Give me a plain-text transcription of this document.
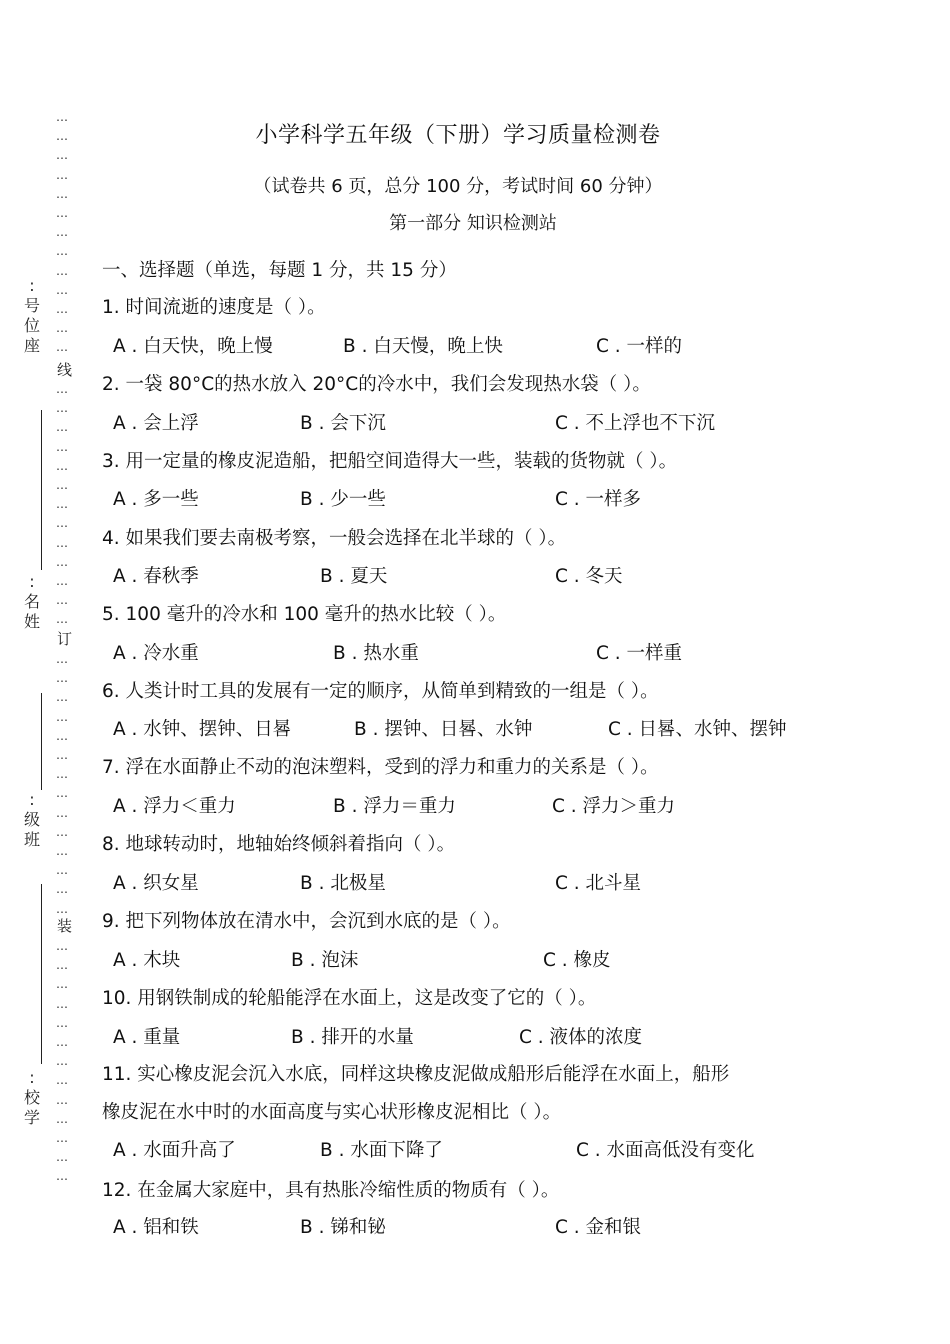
…
…
…
…
…
…
…
…
…
…
…
…
…
线
…
…
…
…
…
…
…
…
…
…
…
…
…
订
…
…
…
…
…
…
…
…
…
…
…
…
…
…
装
…
…
…
…
…
…
…
…
…
…
…
…
…
:
号
位
座
:
名
姓
:
级
班
:
校
学
小学科学五年级（下册）学习质量检测卷
（试卷共 6 页，总分 100 分，考试时间 60 分钟）
第一部分 知识检测站
一、选择题（单选，每题 1 分，共 15 分）
1. 时间流逝的速度是（ ）。
A . 白天快，晚上慢	B . 白天慢，晚上快	C . 一样的
2. 一袋 80°C的热水放入 20°C的冷水中，我们会发现热水袋（ ）。
A . 会上浮	B . 会下沉	C . 不上浮也不下沉
3. 用一定量的橡皮泥造船，把船空间造得大一些，装载的货物就（ ）。
A . 多一些	B . 少一些	C . 一样多
4. 如果我们要去南极考察，一般会选择在北半球的（ ）。
A . 春秋季	B . 夏天	C . 冬天
5. 100 毫升的冷水和 100 毫升的热水比较（ ）。
A . 冷水重	B . 热水重	C . 一样重
6. 人类计时工具的发展有一定的顺序，从简单到精致的一组是（ ）。
A . 水钟、摆钟、日晷	B . 摆钟、日晷、水钟	C . 日晷、水钟、摆钟
7. 浮在水面静止不动的泡沫塑料，受到的浮力和重力的关系是（ ）。
A . 浮力＜重力	B . 浮力＝重力	C . 浮力＞重力
8. 地球转动时，地轴始终倾斜着指向（ ）。
A . 织女星	B . 北极星	C . 北斗星
9. 把下列物体放在清水中，会沉到水底的是（ ）。
A . 木块	B . 泡沫	C . 橡皮
10. 用钢铁制成的轮船能浮在水面上，这是改变了它的（ ）。
A . 重量	B . 排开的水量	C . 液体的浓度
11. 实心橡皮泥会沉入水底，同样这块橡皮泥做成船形后能浮在水面上，船形
橡皮泥在水中时的水面高度与实心状形橡皮泥相比（ ）。
A . 水面升高了	B . 水面下降了	C . 水面高低没有变化
12. 在金属大家庭中，具有热胀冷缩性质的物质有（ ）。
A . 铝和铁	B . 锑和铋	C . 金和银
